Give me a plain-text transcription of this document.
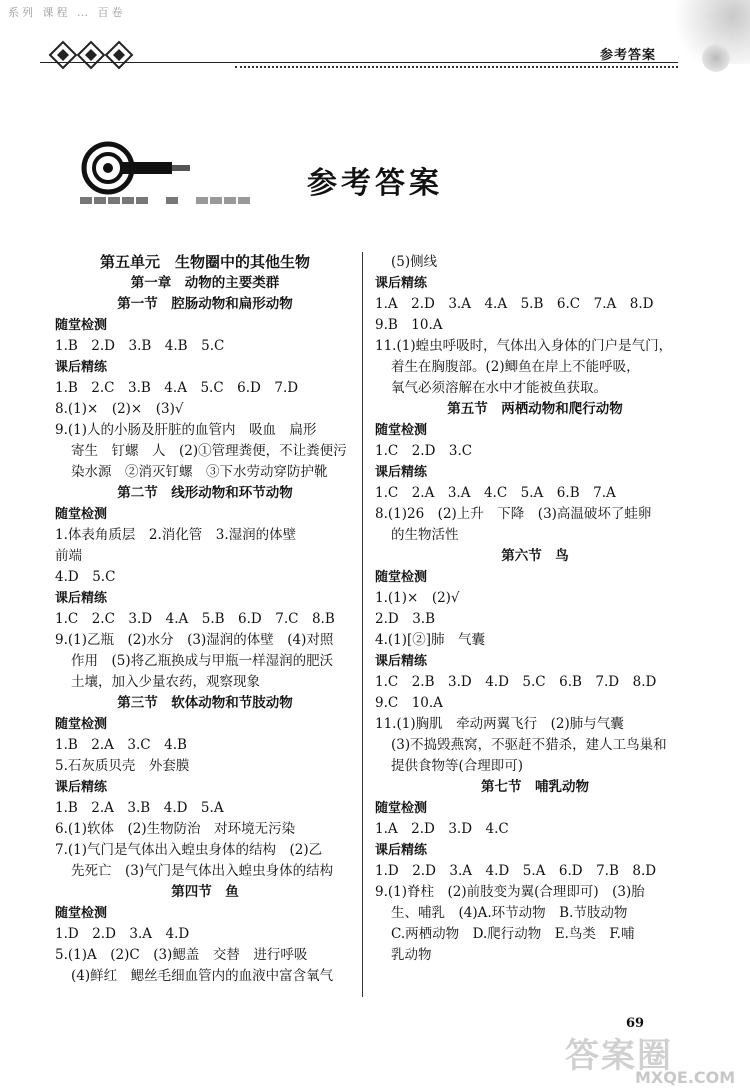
系列 课程 … 百卷
参考答案
参考答案
第五单元　生物圈中的其他生物
第一章　动物的主要类群
第一节　腔肠动物和扁形动物
随堂检测
1.B　2.D　3.B　4.B　5.C
课后精练
1.B　2.C　3.B　4.A　5.C　6.D　7.D
8.(1)×　(2)×　(3)√
9.(1)人的小肠及肝脏的血管内　吸血　扁形
寄生　钉螺　人　(2)①管理粪便，不让粪便污
染水源　②消灭钉螺　③下水劳动穿防护靴
第二节　线形动物和环节动物
随堂检测
1.体表角质层　2.消化管　3.湿润的体壁
前端
4.D　5.C
课后精练
1.C　2.C　3.D　4.A　5.B　6.D　7.C　8.B
9.(1)乙瓶　(2)水分　(3)湿润的体壁　(4)对照
作用　(5)将乙瓶换成与甲瓶一样湿润的肥沃
土壤，加入少量农药，观察现象
第三节　软体动物和节肢动物
随堂检测
1.B　2.A　3.C　4.B
5.石灰质贝壳　外套膜
课后精练
1.B　2.A　3.B　4.D　5.A
6.(1)软体　(2)生物防治　对环境无污染
7.(1)气门是气体出入蝗虫身体的结构　(2)乙
先死亡　(3)气门是气体出入蝗虫身体的结构
第四节　鱼
随堂检测
1.D　2.D　3.A　4.D
5.(1)A　(2)C　(3)鳃盖　交替　进行呼吸
(4)鲜红　鳃丝毛细血管内的血液中富含氧气
(5)侧线
课后精练
1.A　2.D　3.A　4.A　5.B　6.C　7.A　8.D
9.B　10.A
11.(1)蝗虫呼吸时，气体出入身体的门户是气门，
着生在胸腹部。(2)鲫鱼在岸上不能呼吸，
氧气必须溶解在水中才能被鱼获取。
第五节　两栖动物和爬行动物
随堂检测
1.C　2.D　3.C
课后精练
1.C　2.A　3.A　4.C　5.A　6.B　7.A
8.(1)26　(2)上升　下降　(3)高温破坏了蛙卵
的生物活性
第六节　鸟
随堂检测
1.(1)×　(2)√
2.D　3.B
4.(1)[②]肺　气囊
课后精练
1.C　2.B　3.D　4.D　5.C　6.B　7.D　8.D
9.C　10.A
11.(1)胸肌　牵动两翼飞行　(2)肺与气囊
(3)不捣毁燕窝，不驱赶不猎杀，建人工鸟巢和
提供食物等(合理即可)
第七节　哺乳动物
随堂检测
1.A　2.D　3.D　4.C
课后精练
1.D　2.D　3.A　4.D　5.A　6.D　7.B　8.D
9.(1)脊柱　(2)前肢变为翼(合理即可)　(3)胎
生、哺乳　(4)A.环节动物　B.节肢动物
C.两栖动物　D.爬行动物　E.鸟类　F.哺
乳动物
69
答案圈
MXQE.COM
